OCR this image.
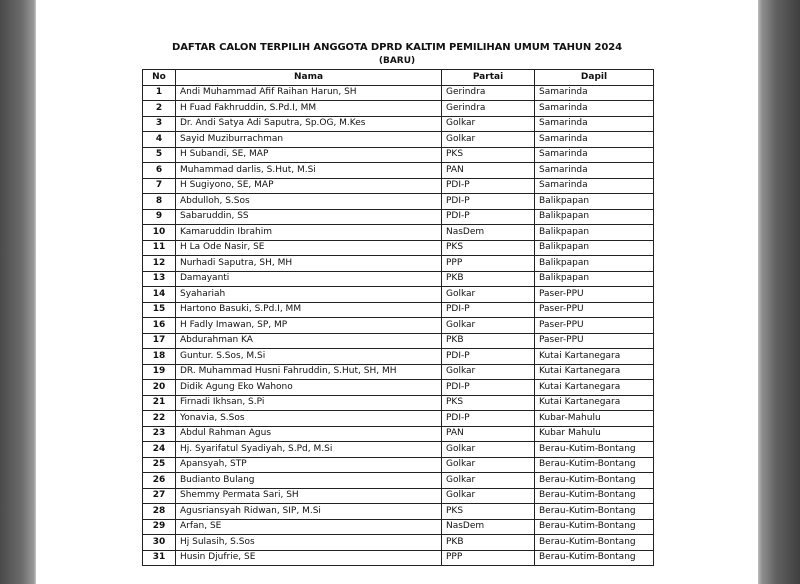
DAFTAR CALON TERPILIH ANGGOTA DPRD KALTIM PEMILIHAN UMUM TAHUN 2024
(BARU)
No	Nama	Partai	Dapil
1	Andi Muhammad Afif Raihan Harun, SH	Gerindra	Samarinda
2	H Fuad Fakhruddin, S.Pd.I, MM	Gerindra	Samarinda
3	Dr. Andi Satya Adi Saputra, Sp.OG, M.Kes	Golkar	Samarinda
4	Sayid Muziburrachman	Golkar	Samarinda
5	H Subandi, SE, MAP	PKS	Samarinda
6	Muhammad darlis, S.Hut, M.Si	PAN	Samarinda
7	H Sugiyono, SE, MAP	PDI-P	Samarinda
8	Abdulloh, S.Sos	PDI-P	Balikpapan
9	Sabaruddin, SS	PDI-P	Balikpapan
10	Kamaruddin Ibrahim	NasDem	Balikpapan
11	H La Ode Nasir, SE	PKS	Balikpapan
12	Nurhadi Saputra, SH, MH	PPP	Balikpapan
13	Damayanti	PKB	Balikpapan
14	Syahariah	Golkar	Paser-PPU
15	Hartono Basuki, S.Pd.I, MM	PDI-P	Paser-PPU
16	H Fadly Imawan, SP, MP	Golkar	Paser-PPU
17	Abdurahman KA	PKB	Paser-PPU
18	Guntur. S.Sos, M.Si	PDI-P	Kutai Kartanegara
19	DR. Muhammad Husni Fahruddin, S.Hut, SH, MH	Golkar	Kutai Kartanegara
20	Didik Agung Eko Wahono	PDI-P	Kutai Kartanegara
21	Firnadi Ikhsan, S.Pi	PKS	Kutai Kartanegara
22	Yonavia, S.Sos	PDI-P	Kubar-Mahulu
23	Abdul Rahman Agus	PAN	Kubar Mahulu
24	Hj. Syarifatul Syadiyah, S.Pd, M.Si	Golkar	Berau-Kutim-Bontang
25	Apansyah, STP	Golkar	Berau-Kutim-Bontang
26	Budianto Bulang	Golkar	Berau-Kutim-Bontang
27	Shemmy Permata Sari, SH	Golkar	Berau-Kutim-Bontang
28	Agusriansyah Ridwan, SIP, M.Si	PKS	Berau-Kutim-Bontang
29	Arfan, SE	NasDem	Berau-Kutim-Bontang
30	Hj Sulasih, S.Sos	PKB	Berau-Kutim-Bontang
31	Husin Djufrie, SE	PPP	Berau-Kutim-Bontang
